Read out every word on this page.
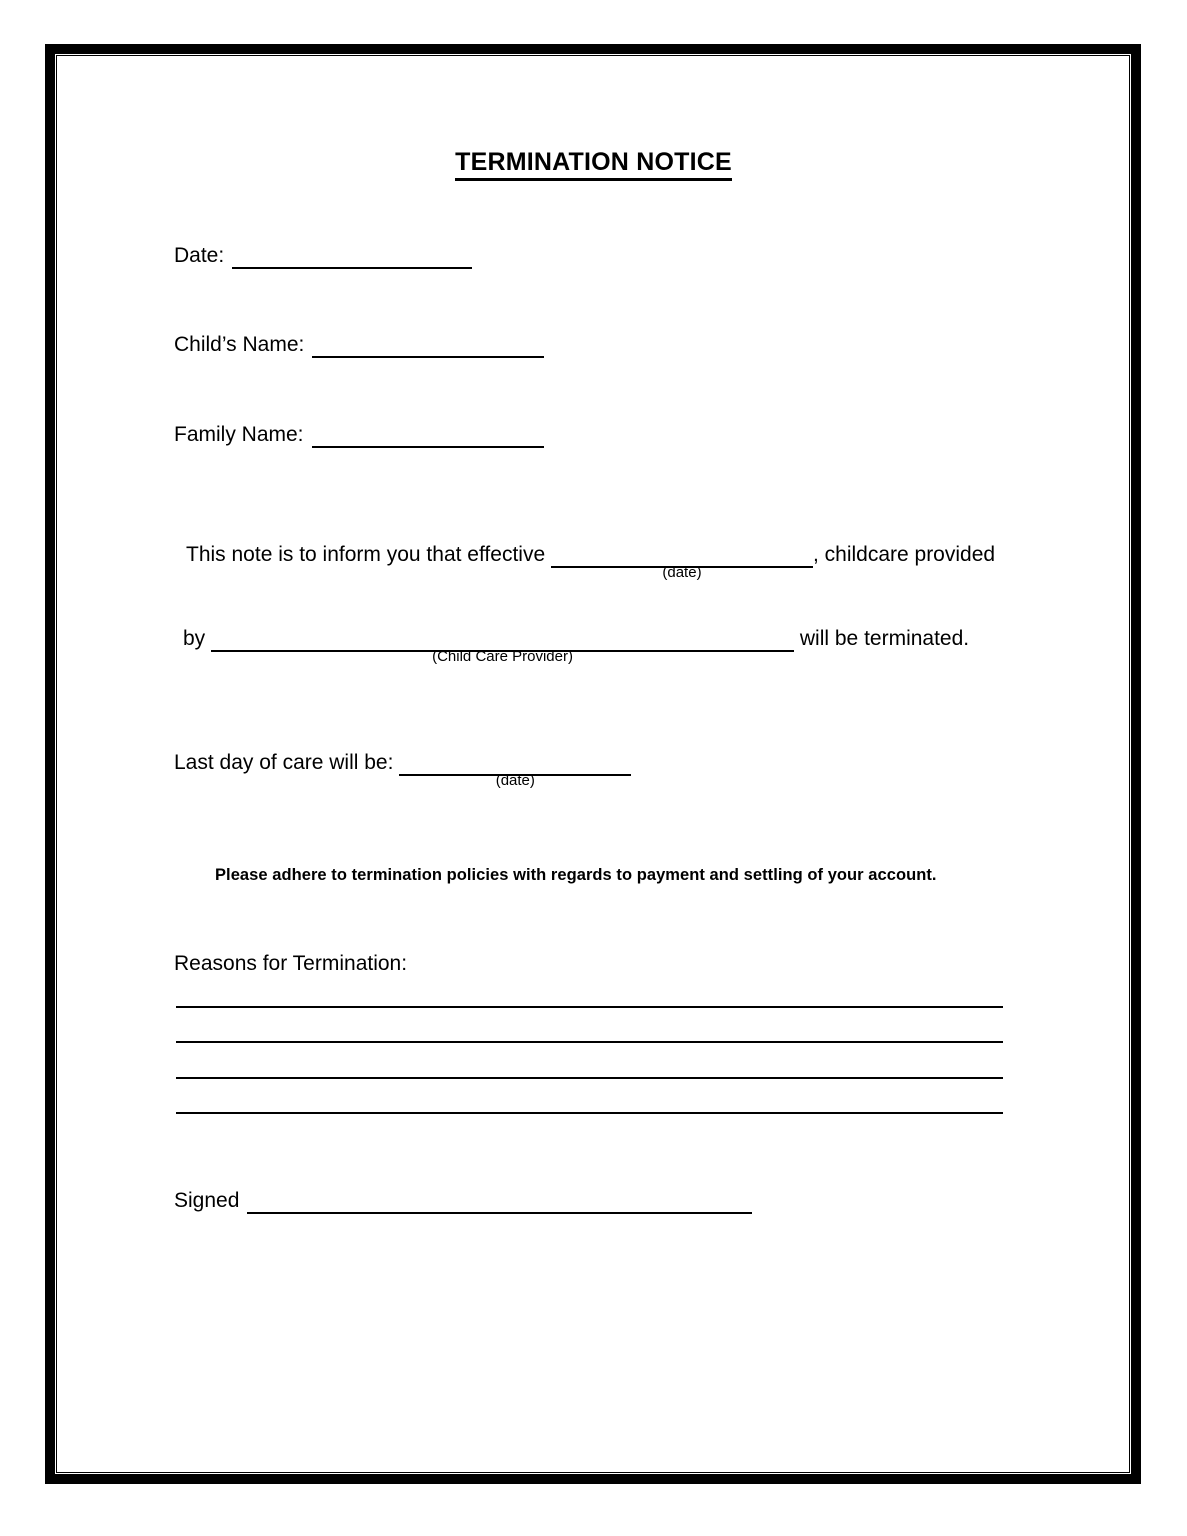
TERMINATION NOTICE
Date:
Child’s Name:
Family Name:
This note is to inform you that effective
(date)
, childcare provided
by
(Child Care Provider)
will be terminated.
Last day of care will be:
(date)
Please adhere to termination policies with regards to payment and settling of your account.
Reasons for Termination:
Signed
